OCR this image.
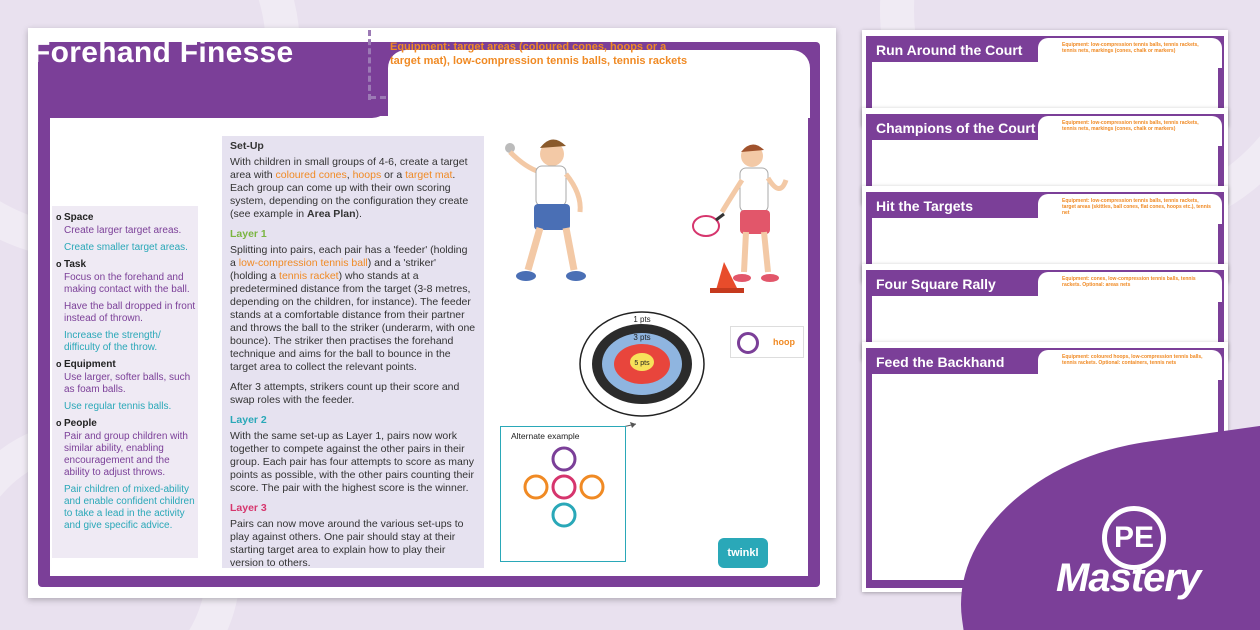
Forehand Finesse	Equipment: target areas (coloured cones, hoops or a target mat), low-compression tennis balls, tennis rackets
o Space

Create larger target areas.

Create smaller target areas.

o Task

Focus on the forehand and making contact with the ball.

Have the ball dropped in front instead of thrown.

Increase the strength/ difficulty of the throw.

o Equipment

Use larger, softer balls, such as foam balls.

Use regular tennis balls.

o People

Pair and group children with similar ability, enabling encouragement and the ability to adjust throws.

Pair children of mixed-ability and enable confident children to take a lead in the activity and give specific advice.

Set-Up

With children in small groups of 4-6, create a target area with coloured cones, hoops or a target mat. Each group can come up with their own scoring system, depending on the configuration they create (see example in Area Plan).

Layer 1

Splitting into pairs, each pair has a 'feeder' (holding a low-compression tennis ball) and a 'striker' (holding a tennis racket) who stands at a predetermined distance from the target (3-8 metres, depending on the children, for instance). The feeder stands at a comfortable distance from their partner and throws the ball to the striker (underarm, with one bounce). The striker then practises the forehand technique and aims for the ball to bounce in the target area to collect the relevant points.

After 3 attempts, strikers count up their score and swap roles with the feeder.

Layer 2

With the same set-up as Layer 1, pairs now work together to compete against the other pairs in their group. Each pair has four attempts to score as many points as possible, with the other pairs counting their score. The pair with the highest score is the winner.

Layer 3

Pairs can now move around the various set-ups to play against others. One pair should stay at their starting target area to explain how to play their version to others.

1 pts
3 pts
5 pts
hoop
Alternate example
twinkl
Run Around the Court	Equipment: low-compression tennis balls, tennis rackets, tennis nets, markings (cones, chalk or markers)
Champions of the Court	Equipment: low-compression tennis balls, tennis rackets, tennis nets, markings (cones, chalk or markers)
Hit the Targets	Equipment: low-compression tennis balls, tennis rackets, target areas (skittles, ball cones, flat cones, hoops etc.), tennis net
Four Square Rally	Equipment: cones, low-compression tennis balls, tennis rackets. Optional: areas nets
Feed the Backhand	Equipment: coloured hoops, low-compression tennis balls, tennis rackets. Optional: containers, tennis nets
PE
Mastery
